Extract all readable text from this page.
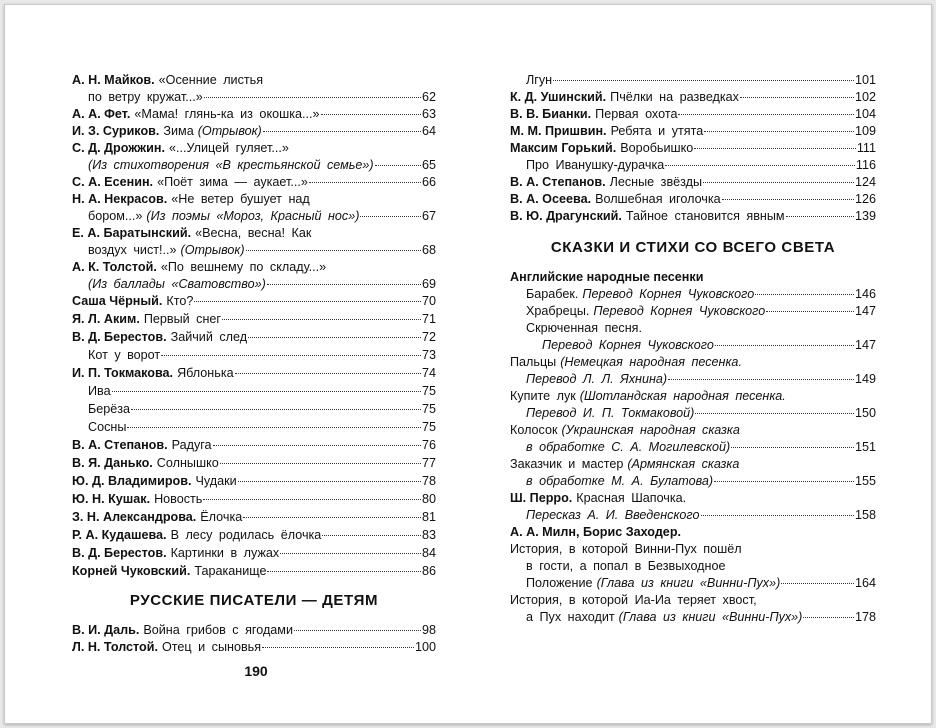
А. Н. Майков. «Осенние листья
по ветру кружат...»	62
А. А. Фет. «Мама! глянь-ка из окошка...»	63
И. З. Суриков. Зима (Отрывок)	64
С. Д. Дрожжин. «...Улицей гуляет...»
(Из стихотворения «В крестьянской семье»)	65
С. А. Есенин. «Поёт зима — аукает...»	66
Н. А. Некрасов. «Не ветер бушует над
бором...» (Из поэмы «Мороз, Красный нос»)	67
Е. А. Баратынский. «Весна, весна! Как
воздух чист!..» (Отрывок)	68
А. К. Толстой. «По вешнему по складу...»
(Из баллады «Сватовство»)	69
Саша Чёрный. Кто?	70
Я. Л. Аким. Первый снег	71
В. Д. Берестов. Зайчий след	72
Кот у ворот	73
И. П. Токмакова. Яблонька	74
Ива	75
Берёза	75
Сосны	75
В. А. Степанов. Радуга	76
В. Я. Данько. Солнышко	77
Ю. Д. Владимиров. Чудаки	78
Ю. Н. Кушак. Новость	80
З. Н. Александрова. Ёлочка	81
Р. А. Кудашева. В лесу родилась ёлочка	83
В. Д. Берестов. Картинки в лужах	84
Корней Чуковский. Тараканище	86
РУССКИЕ ПИСАТЕЛИ — ДЕТЯМ
В. И. Даль. Война грибов с ягодами	98
Л. Н. Толстой. Отец и сыновья	100
Лгун	101
К. Д. Ушинский. Пчёлки на разведках	102
В. В. Бианки. Первая охота	104
М. М. Пришвин. Ребята и утята	109
Максим Горький. Воробьишко	111
Про Иванушку-дурачка	116
В. А. Степанов. Лесные звёзды	124
В. А. Осеева. Волшебная иголочка	126
В. Ю. Драгунский. Тайное становится явным	139
СКАЗКИ И СТИХИ СО ВСЕГО СВЕТА
Английские народные песенки
Барабек. Перевод Корнея Чуковского	146
Храбрецы. Перевод Корнея Чуковского	147
Скрюченная песня.
Перевод Корнея Чуковского	147
Пальцы (Немецкая народная песенка.
Перевод Л. Л. Яхнина)	149
Купите лук (Шотландская народная песенка.
Перевод И. П. Токмаковой)	150
Колосок (Украинская народная сказка
в обработке С. А. Могилевской)	151
Заказчик и мастер (Армянская сказка
в обработке М. А. Булатова)	155
Ш. Перро. Красная Шапочка.
Пересказ А. И. Введенского	158
А. А. Милн, Борис Заходер.
История, в которой Винни-Пух пошёл
в гости, а попал в Безвыходное
Положение (Глава из книги «Винни-Пух»)	164
История, в которой Иа-Иа теряет хвост,
а Пух находит (Глава из книги «Винни-Пух»)	178
190
